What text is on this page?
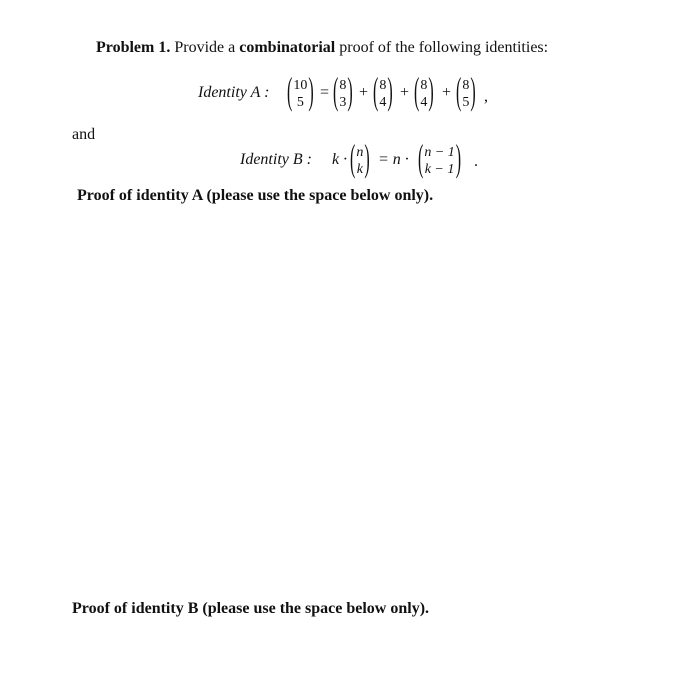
Problem 1. Provide a combinatorial proof of the following identities:
Identity A : ( 10
5 ) = ( 8
3 ) + ( 8
4 ) + ( 8
4 ) + ( 8
5 ) ,
and
Identity B : k · ( n
k ) = n · ( n − 1
k − 1 ) .
Proof of identity A (please use the space below only).
Proof of identity B (please use the space below only).
